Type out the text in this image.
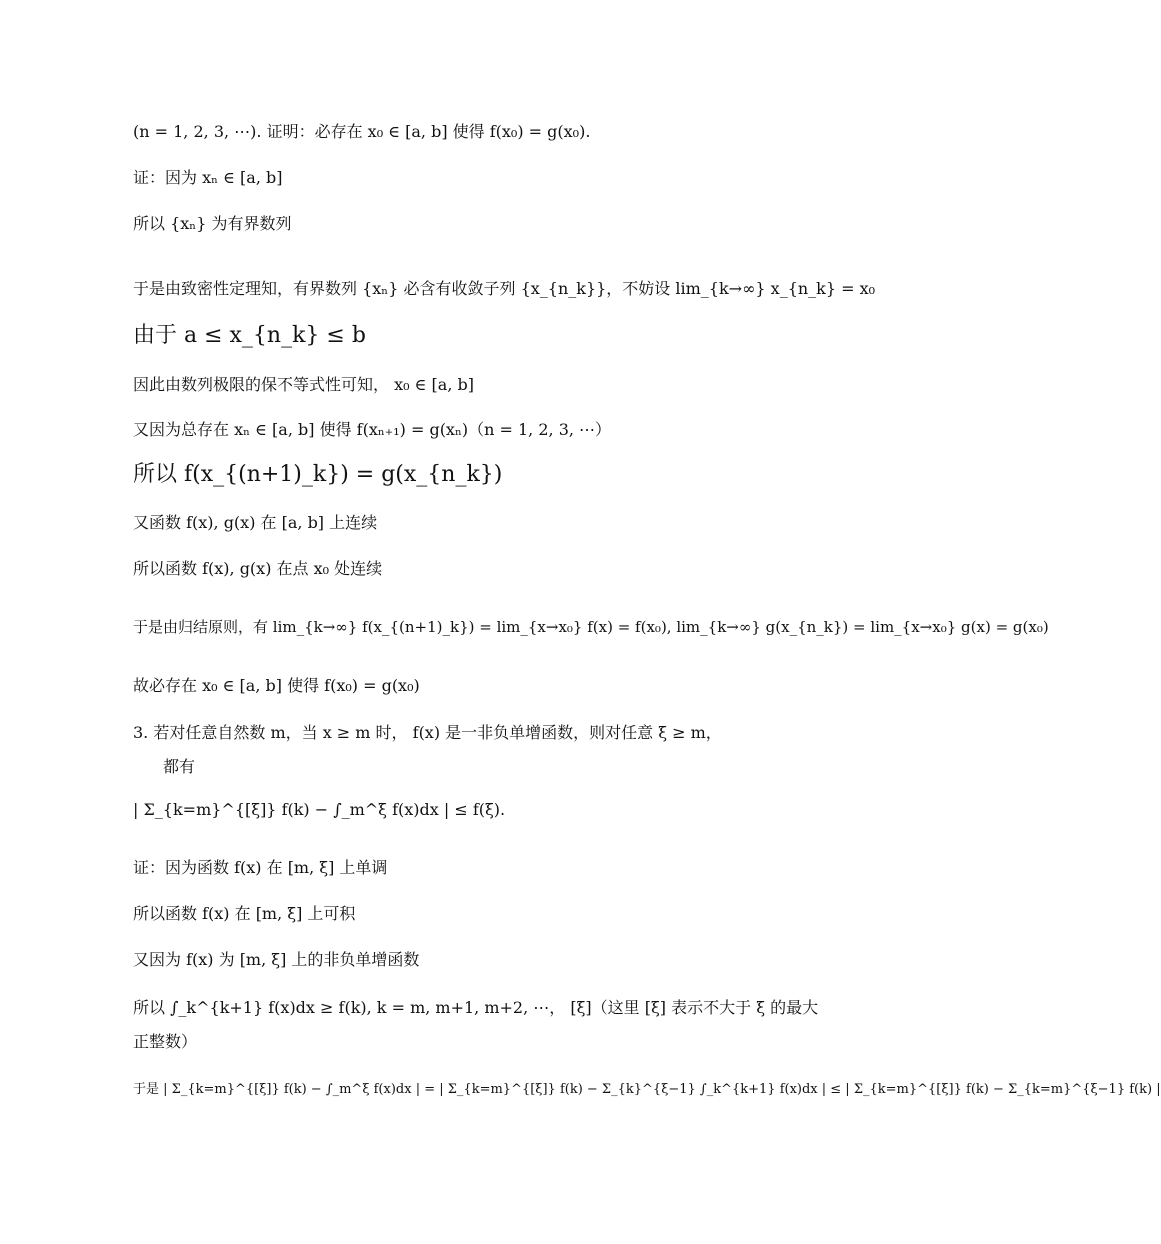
(n = 1, 2, 3, ⋯). 证明：必存在 x₀ ∈ [a, b] 使得 f(x₀) = g(x₀).
证：因为 xₙ ∈ [a, b]
所以 {xₙ} 为有界数列
于是由致密性定理知，有界数列 {xₙ} 必含有收敛子列 {x_{n_k}}，不妨设 lim_{k→∞} x_{n_k} = x₀
由于 a ≤ x_{n_k} ≤ b
因此由数列极限的保不等式性可知， x₀ ∈ [a, b]
又因为总存在 xₙ ∈ [a, b] 使得 f(xₙ₊₁) = g(xₙ)（n = 1, 2, 3, ⋯）
所以 f(x_{(n+1)_k}) = g(x_{n_k})
又函数 f(x), g(x) 在 [a, b] 上连续
所以函数 f(x), g(x) 在点 x₀ 处连续
于是由归结原则，有 lim_{k→∞} f(x_{(n+1)_k}) = lim_{x→x₀} f(x) = f(x₀), lim_{k→∞} g(x_{n_k}) = lim_{x→x₀} g(x) = g(x₀)
故必存在 x₀ ∈ [a, b] 使得 f(x₀) = g(x₀)
3. 若对任意自然数 m，当 x ≥ m 时， f(x) 是一非负单增函数，则对任意 ξ ≥ m，
都有
| Σ_{k=m}^{[ξ]} f(k) − ∫_m^ξ f(x)dx | ≤ f(ξ).
证：因为函数 f(x) 在 [m, ξ] 上单调
所以函数 f(x) 在 [m, ξ] 上可积
又因为 f(x) 为 [m, ξ] 上的非负单增函数
所以 ∫_k^{k+1} f(x)dx ≥ f(k), k = m, m+1, m+2, ⋯， [ξ]（这里 [ξ] 表示不大于 ξ 的最大
正整数）
于是 | Σ_{k=m}^{[ξ]} f(k) − ∫_m^ξ f(x)dx | = | Σ_{k=m}^{[ξ]} f(k) − Σ_{k}^{ξ−1} ∫_k^{k+1} f(x)dx | ≤ | Σ_{k=m}^{[ξ]} f(k) − Σ_{k=m}^{ξ−1} f(k) |
